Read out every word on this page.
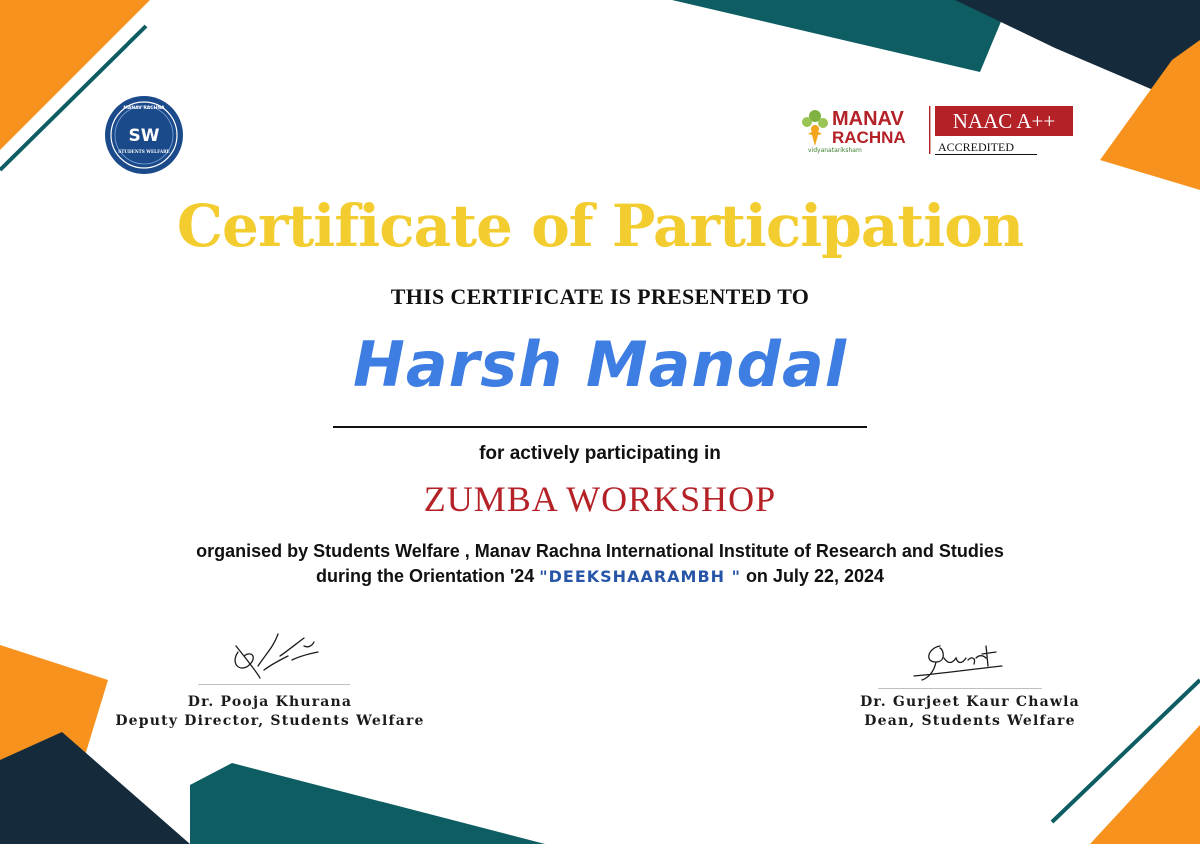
MANAV RACHNA
SW
STUDENTS WELFARE
MANAV
RACHNA
vidyanatariksham
NAAC A++
ACCREDITED
Certificate of Participation
THIS CERTIFICATE IS PRESENTED TO
Harsh Mandal
for actively participating in
ZUMBA WORKSHOP
organised by Students Welfare , Manav Rachna International Institute of Research and Studies
during the Orientation '24 "DEEKSHAARAMBH " on July 22, 2024
Dr. Pooja Khurana
Deputy Director, Students Welfare
Dr. Gurjeet Kaur Chawla
Dean, Students Welfare
